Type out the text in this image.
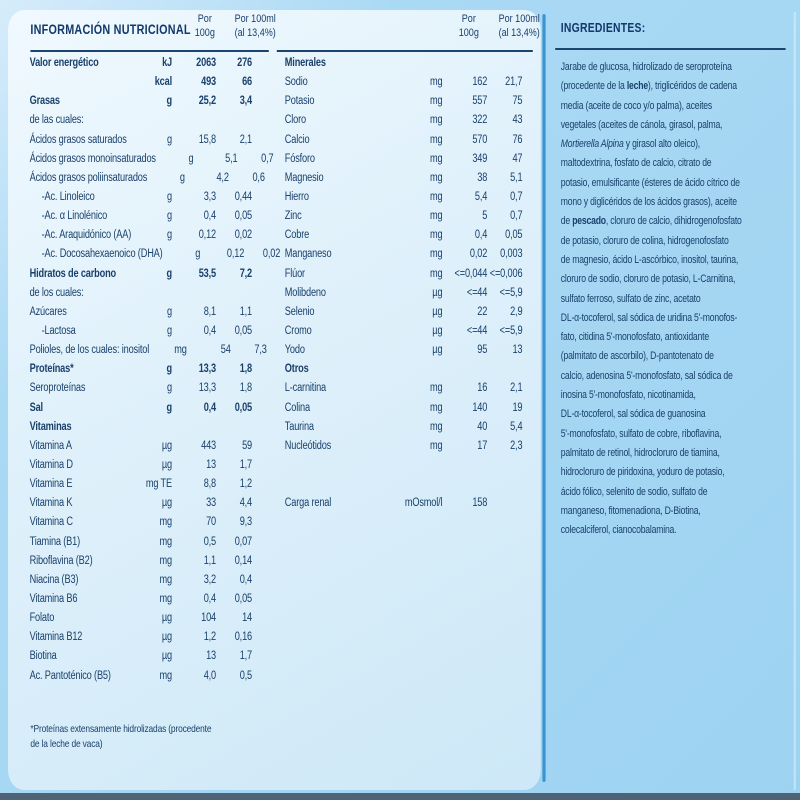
INFORMACIÓN NUTRICIONAL
Por
100g
Por 100ml
(al 13,4%)
Por
100g
Por 100ml
(al 13,4%)
Valor energético	kJ	2063	276
kcal	493	66
Grasas	g	25,2	3,4
de las cuales:
Ácidos grasos saturados	g	15,8	2,1
Ácidos grasos monoinsaturados	g	5,1	0,7
Ácidos grasos poliinsaturados	g	4,2	0,6
-Ac. Linoleico	g	3,3	0,44
-Ac. α Linolénico	g	0,4	0,05
-Ac. Araquidónico (AA)	g	0,12	0,02
-Ac. Docosahexaenoico (DHA)	g	0,12	0,02
Hidratos de carbono	g	53,5	7,2
de los cuales:
Azúcares	g	8,1	1,1
-Lactosa	g	0,4	0,05
Polioles, de los cuales: inositol	mg	54	7,3
Proteínas*	g	13,3	1,8
Seroproteínas	g	13,3	1,8
Sal	g	0,4	0,05
Vitaminas
Vitamina A	µg	443	59
Vitamina D	µg	13	1,7
Vitamina E	mg TE	8,8	1,2
Vitamina K	µg	33	4,4
Vitamina C	mg	70	9,3
Tiamina (B1)	mg	0,5	0,07
Riboflavina (B2)	mg	1,1	0,14
Niacina (B3)	mg	3,2	0,4
Vitamina B6	mg	0,4	0,05
Folato	µg	104	14
Vitamina B12	µg	1,2	0,16
Biotina	µg	13	1,7
Ac. Pantoténico (B5)	mg	4,0	0,5
Minerales
Sodio	mg	162	21,7
Potasio	mg	557	75
Cloro	mg	322	43
Calcio	mg	570	76
Fósforo	mg	349	47
Magnesio	mg	38	5,1
Hierro	mg	5,4	0,7
Zinc	mg	5	0,7
Cobre	mg	0,4	0,05
Manganeso	mg	0,02	0,003
Flúor	mg	<=0,044 <=0,006
Molibdeno	µg	<=44	<=5,9
Selenio	µg	22	2,9
Cromo	µg	<=44	<=5,9
Yodo	µg	95	13
Otros
L-carnitina	mg	16	2,1
Colina	mg	140	19
Taurina	mg	40	5,4
Nucleótidos	mg	17	2,3
Carga renal	mOsmol/l	158
*Proteínas extensamente hidrolizadas (procedente
de la leche de vaca)
INGREDIENTES:
Jarabe de glucosa, hidrolizado de seroproteína
(procedente de la leche), triglicéridos de cadena
media (aceite de coco y/o palma), aceites
vegetales (aceites de cánola, girasol, palma,
Mortierella Alpina y girasol alto oleico),
maltodextrina, fosfato de calcio, citrato de
potasio, emulsificante (ésteres de ácido cítrico de
mono y diglicéridos de los ácidos grasos), aceite
de pescado, cloruro de calcio, dihidrogenofosfato
de potasio, cloruro de colina, hidrogenofosfato
de magnesio, ácido L-ascórbico, inositol, taurina,
cloruro de sodio, cloruro de potasio, L-Carnitina,
sulfato ferroso, sulfato de zinc, acetato
DL-α-tocoferol, sal sódica de uridina 5'-monofos-
fato, citidina 5'-monofosfato, antioxidante
(palmitato de ascorbilo), D-pantotenato de
calcio, adenosina 5'-monofosfato, sal sódica de
inosina 5'-monofosfato, nicotinamida,
DL-α-tocoferol, sal sódica de guanosina
5'-monofosfato, sulfato de cobre, riboflavina,
palmitato de retinol, hidrocloruro de tiamina,
hidrocloruro de piridoxina, yoduro de potasio,
ácido fólico, selenito de sodio, sulfato de
manganeso, fitomenadiona, D-Biotina,
colecalciferol, cianocobalamina.
